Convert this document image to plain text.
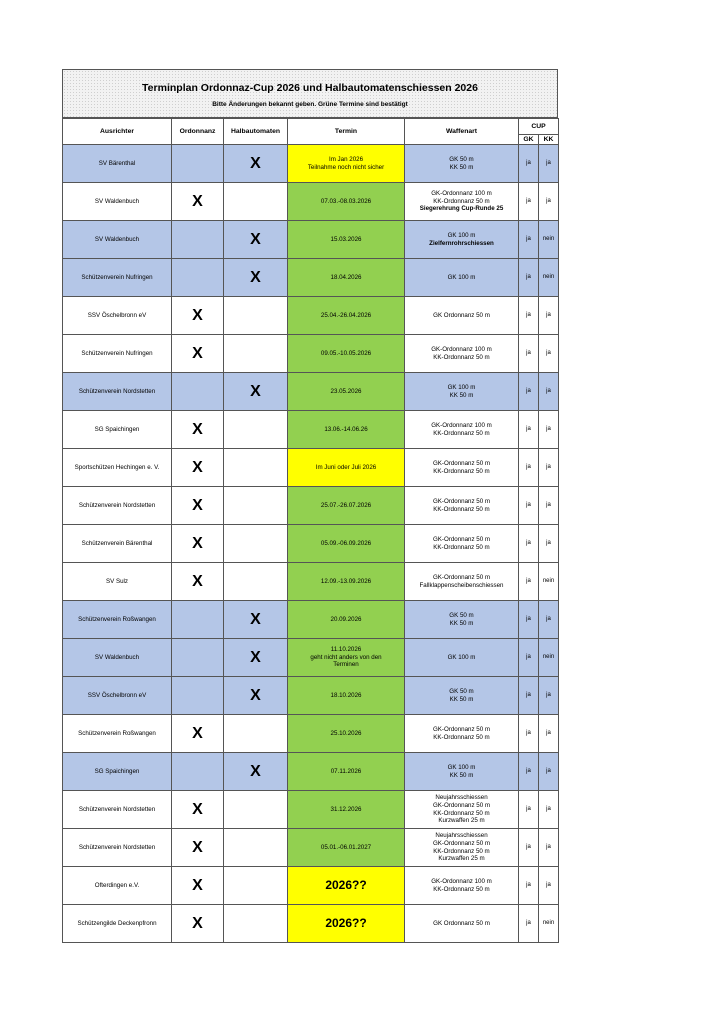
Terminplan Ordonnaz-Cup 2026 und Halbautomatenschiessen 2026
Bitte Änderungen bekannt geben. Grüne Termine sind bestätigt
Ausrichter	Ordonnanz	Halbautomaten	Termin	Waffenart	CUP	
					GK	KK
SV Bärenthal		X	Im Jan 2026
Teilnahme noch nicht sicher	GK 50 m
KK 50 m	ja	ja
SV Waldenbuch	X		07.03.-08.03.2026	GK-Ordonnanz 100 m
KK-Ordonnanz 50 m
Siegerehrung Cup-Runde 25	ja	ja
SV Waldenbuch		X	15.03.2026	GK 100 m
Zielfernrohrschiessen	ja	nein
Schützenverein Nufringen		X	18.04.2026	GK 100 m	ja	nein
SSV Öschelbronn eV	X		25.04.-26.04.2026	GK Ordonnanz 50 m	ja	ja
Schützenverein Nufringen	X		09.05.-10.05.2026	GK-Ordonnanz 100 m
KK-Ordonnanz 50 m	ja	ja
Schützenverein Nordstetten		X	23.05.2026	GK 100 m
KK 50 m	ja	ja
SG Spaichingen	X		13.06.-14.06.26	GK-Ordonnanz 100 m
KK-Ordonnanz 50 m	ja	ja
Sportschützen Hechingen e. V.	X		Im Juni oder Juli 2026	GK-Ordonnanz 50 m
KK-Ordonnanz 50 m	ja	ja
Schützenverein Nordstetten	X		25.07.-26.07.2026	GK-Ordonnanz 50 m
KK-Ordonnanz 50 m	ja	ja
Schützenverein Bärenthal	X		05.09.-06.09.2026	GK-Ordonnanz 50 m
KK-Ordonnanz 50 m	ja	ja
SV Sulz	X		12.09.-13.09.2026	GK-Ordonnanz 50 m
Fallklappenscheibenschiessen	ja	nein
Schützenverein Roßwangen		X	20.09.2026	GK 50 m
KK 50 m	ja	ja
SV Waldenbuch		X	11.10.2026
geht nicht anders von den
Terminen	GK 100 m	ja	nein
SSV Öschelbronn eV		X	18.10.2026	GK 50 m
KK 50 m	ja	ja
Schützenverein Roßwangen	X		25.10.2026	GK-Ordonnanz 50 m
KK-Ordonnanz 50 m	ja	ja
SG Spaichingen		X	07.11.2026	GK 100 m
KK 50 m	ja	ja
Schützenverein Nordstetten	X		31.12.2026	Neujahrsschiessen
GK-Ordonnanz 50 m
KK-Ordonnanz 50 m
Kurzwaffen 25 m	ja	ja
Schützenverein Nordstetten	X		05.01.-06.01.2027	Neujahrsschiessen
GK-Ordonnanz 50 m
KK-Ordonnanz 50 m
Kurzwaffen 25 m	ja	ja
Ofterdingen e.V.	X		2026??	GK-Ordonnanz 100 m
KK-Ordonnanz 50 m	ja	ja
Schützengilde Deckenpfronn	X		2026??	GK Ordonnanz 50 m	ja	nein
